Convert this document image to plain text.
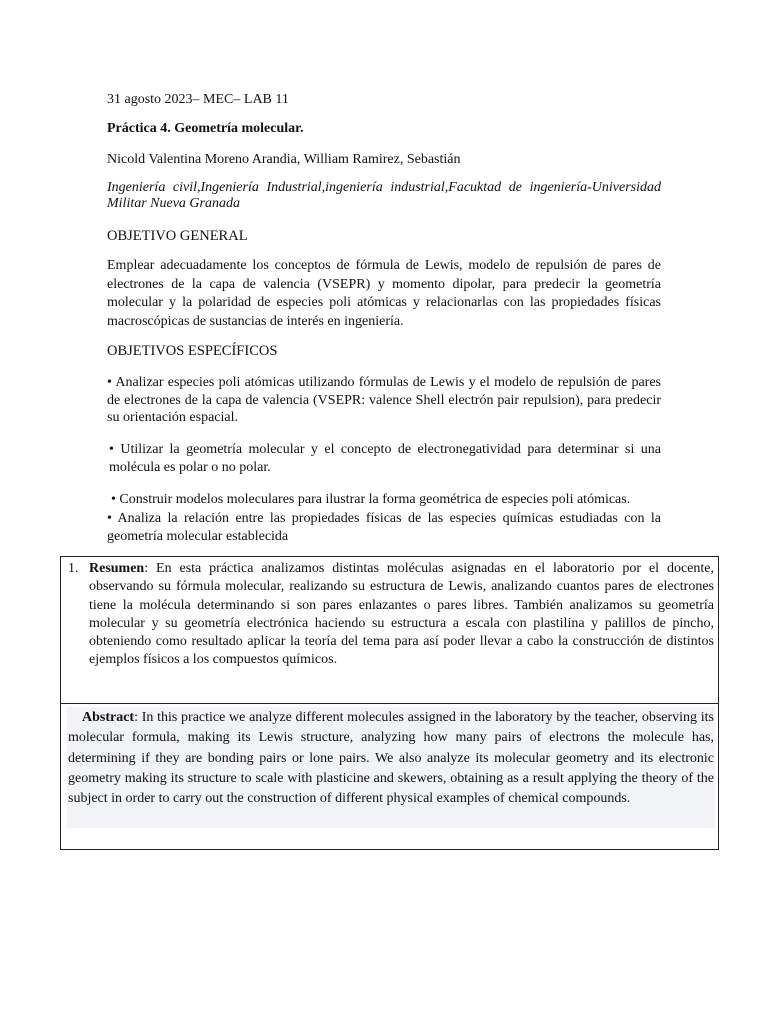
31 agosto 2023– MEC– LAB 11
Práctica 4. Geometría molecular.
Nicold Valentina Moreno Arandia, William Ramirez, Sebastián
Ingeniería civil,Ingeniería Industrial,ingeniería industrial,Facuktad de ingeniería-Universidad Militar Nueva Granada
OBJETIVO GENERAL
Emplear adecuadamente los conceptos de fórmula de Lewis, modelo de repulsión de pares de electrones de la capa de valencia (VSEPR) y momento dipolar, para predecir la geometría molecular y la polaridad de especies poli atómicas y relacionarlas con las propiedades físicas macroscópicas de sustancias de interés en ingeniería.
OBJETIVOS ESPECÍFICOS
• Analizar especies poli atómicas utilizando fórmulas de Lewis y el modelo de repulsión de pares de electrones de la capa de valencia (VSEPR: valence Shell electrón pair repulsion), para predecir su orientación espacial.
• Utilizar la geometría molecular y el concepto de electronegatividad para determinar si una molécula es polar o no polar.
• Construir modelos moleculares para ilustrar la forma geométrica de especies poli atómicas.
• Analiza la relación entre las propiedades físicas de las especies químicas estudiadas con la geometría molecular establecida
1. Resumen: En esta práctica analizamos distintas moléculas asignadas en el laboratorio por el docente, observando su fórmula molecular, realizando su estructura de Lewis, analizando cuantos pares de electrones tiene la molécula determinando si son pares enlazantes o pares libres. También analizamos su geometría molecular y su geometría electrónica haciendo su estructura a escala con plastilina y palillos de pincho, obteniendo como resultado aplicar la teoría del tema para así poder llevar a cabo la construcción de distintos ejemplos físicos a los compuestos químicos.
Abstract: In this practice we analyze different molecules assigned in the laboratory by the teacher, observing its molecular formula, making its Lewis structure, analyzing how many pairs of electrons the molecule has, determining if they are bonding pairs or lone pairs. We also analyze its molecular geometry and its electronic geometry making its structure to scale with plasticine and skewers, obtaining as a result applying the theory of the subject in order to carry out the construction of different physical examples of chemical compounds.
